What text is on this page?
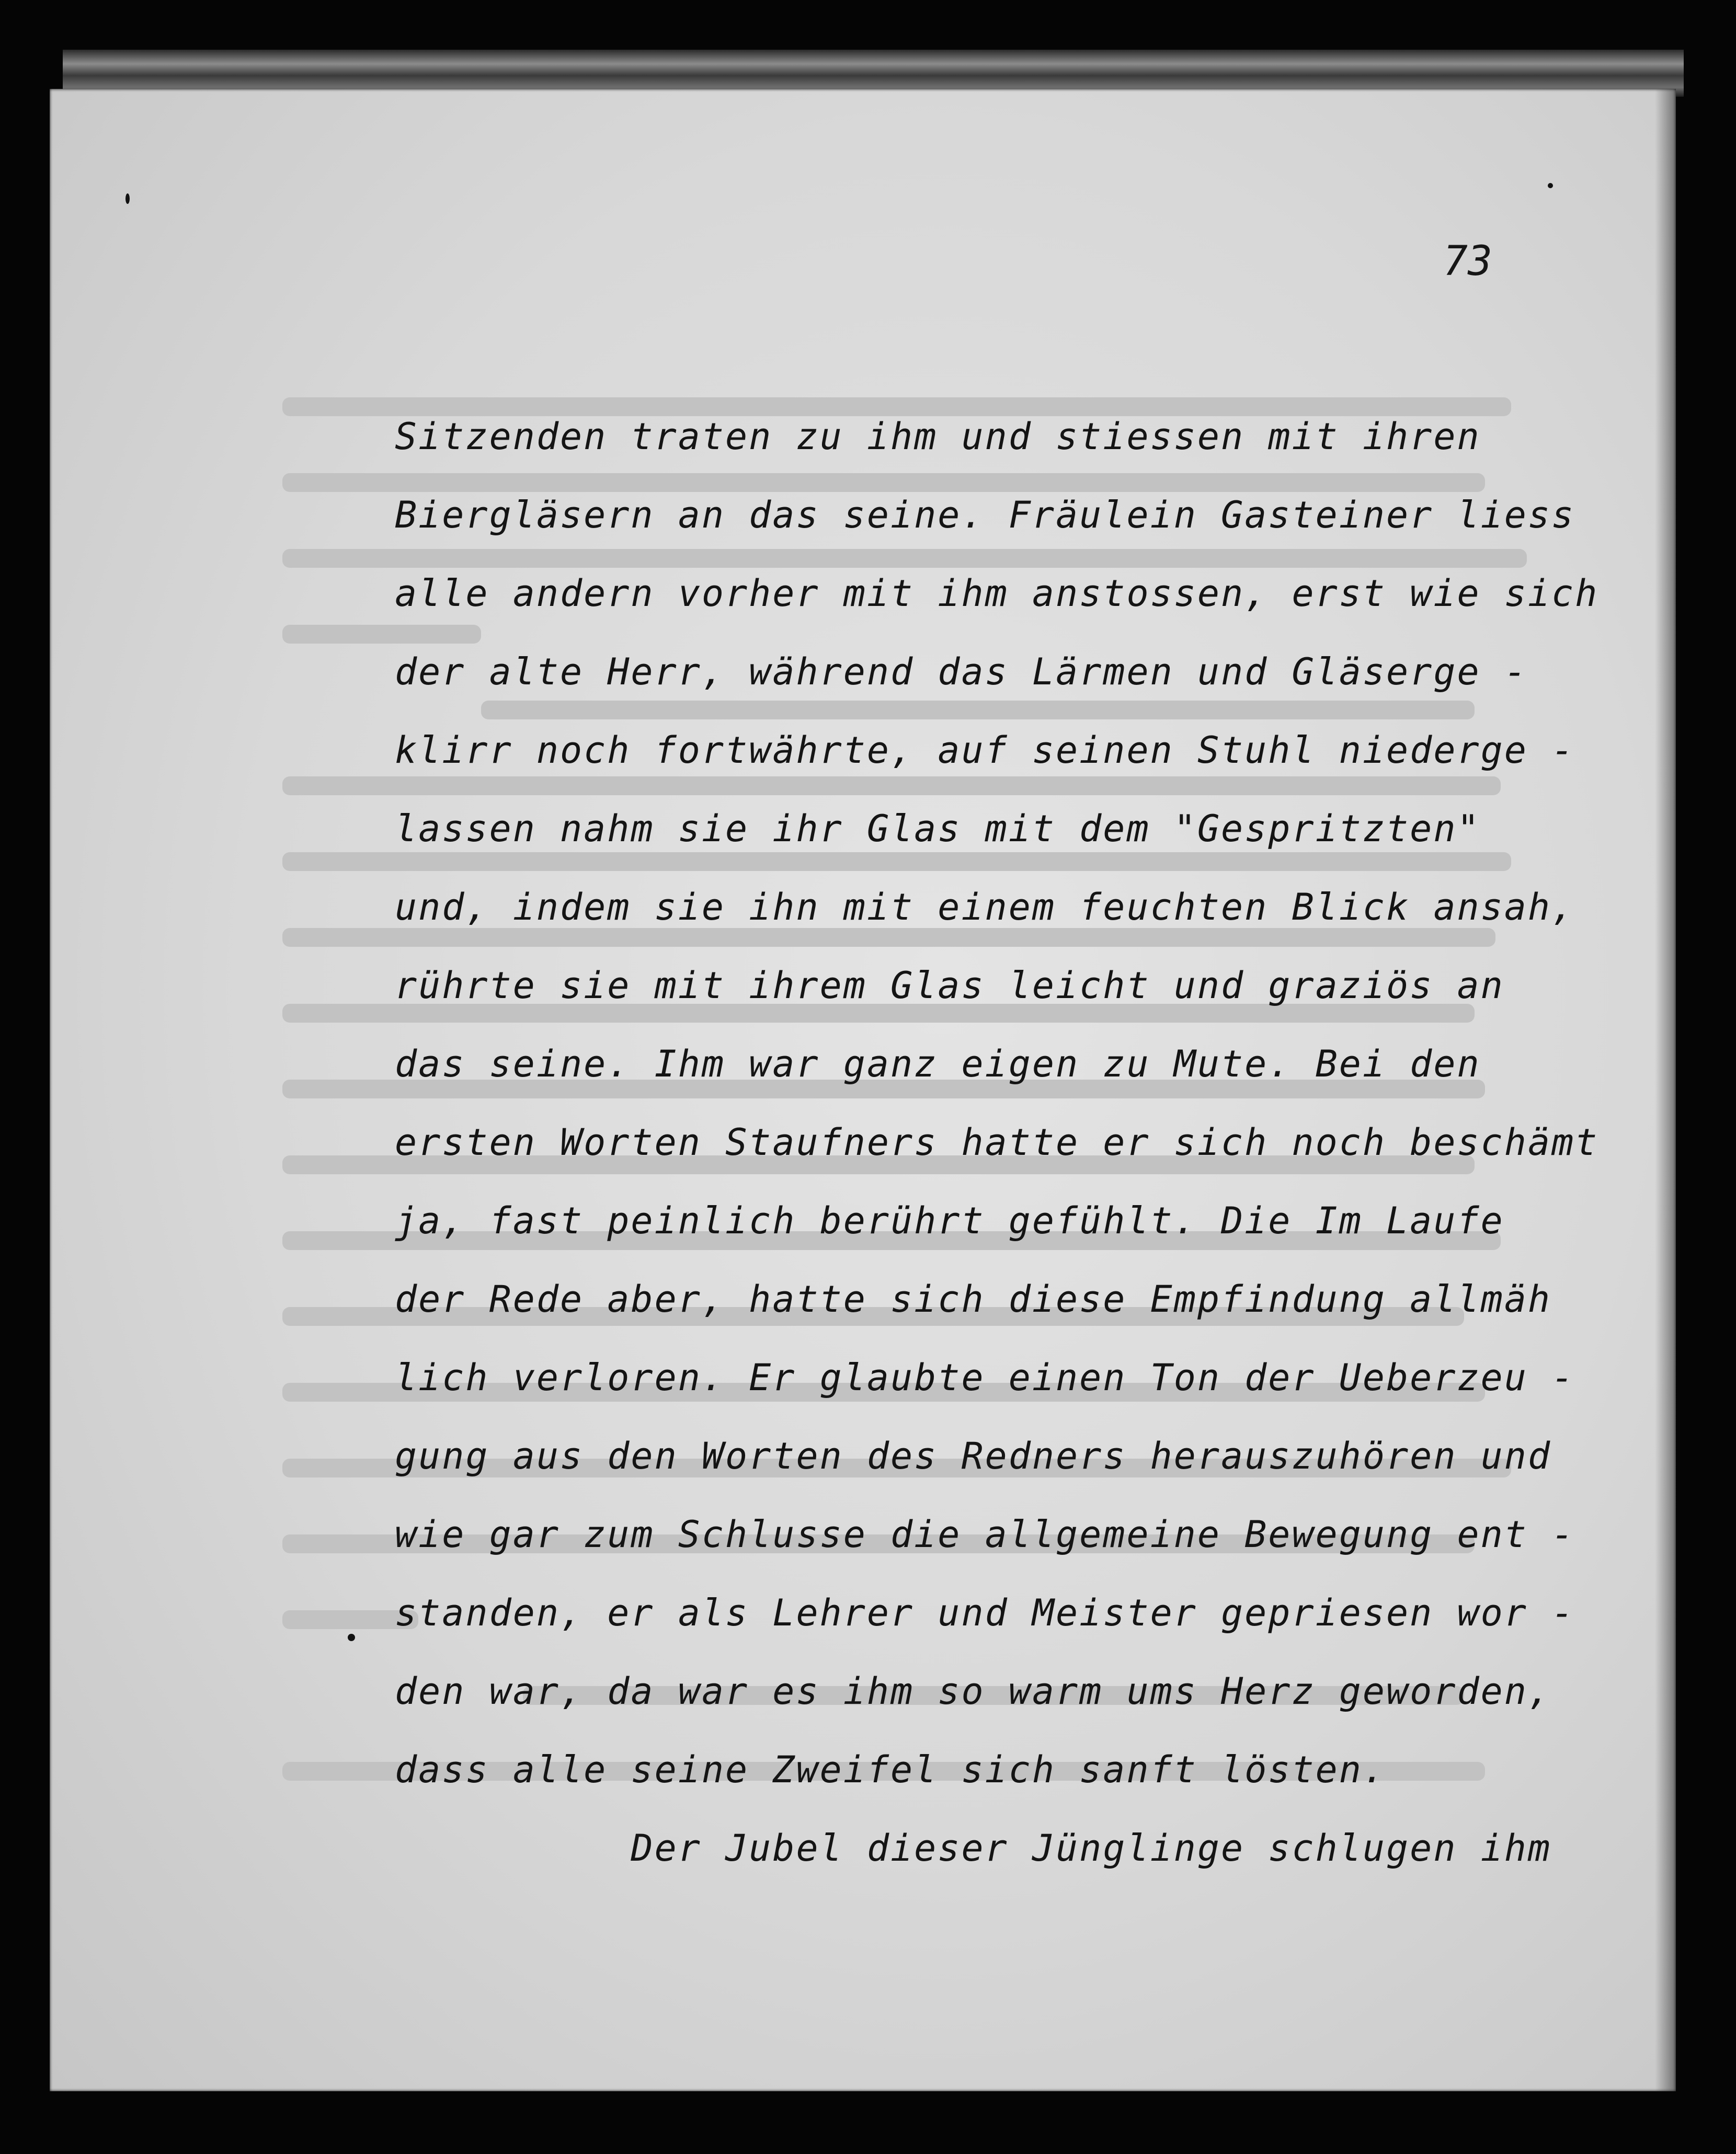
73
Sitzenden traten zu ihm und stiessen mit ihren
Biergläsern an das seine. Fräulein Gasteiner liess
alle andern vorher mit ihm anstossen, erst wie sich
der alte Herr, während das Lärmen und Gläserge -
klirr noch fortwährte, auf seinen Stuhl niederge -
lassen nahm sie ihr Glas mit dem "Gespritzten"
und, indem sie ihn mit einem feuchten Blick ansah,
rührte sie mit ihrem Glas leicht und graziös an
das seine. Ihm war ganz eigen zu Mute. Bei den
ersten Worten Staufners hatte er sich noch beschämt
ja, fast peinlich berührt gefühlt. Die Im Laufe
der Rede aber, hatte sich diese Empfindung allmäh
lich verloren. Er glaubte einen Ton der Ueberzeu -
gung aus den Worten des Redners herauszuhören und
wie gar zum Schlusse die allgemeine Bewegung ent -
standen, er als Lehrer und Meister gepriesen wor -
den war, da war es ihm so warm ums Herz geworden,
dass alle seine Zweifel sich sanft lösten.
Der Jubel dieser Jünglinge schlugen ihm
